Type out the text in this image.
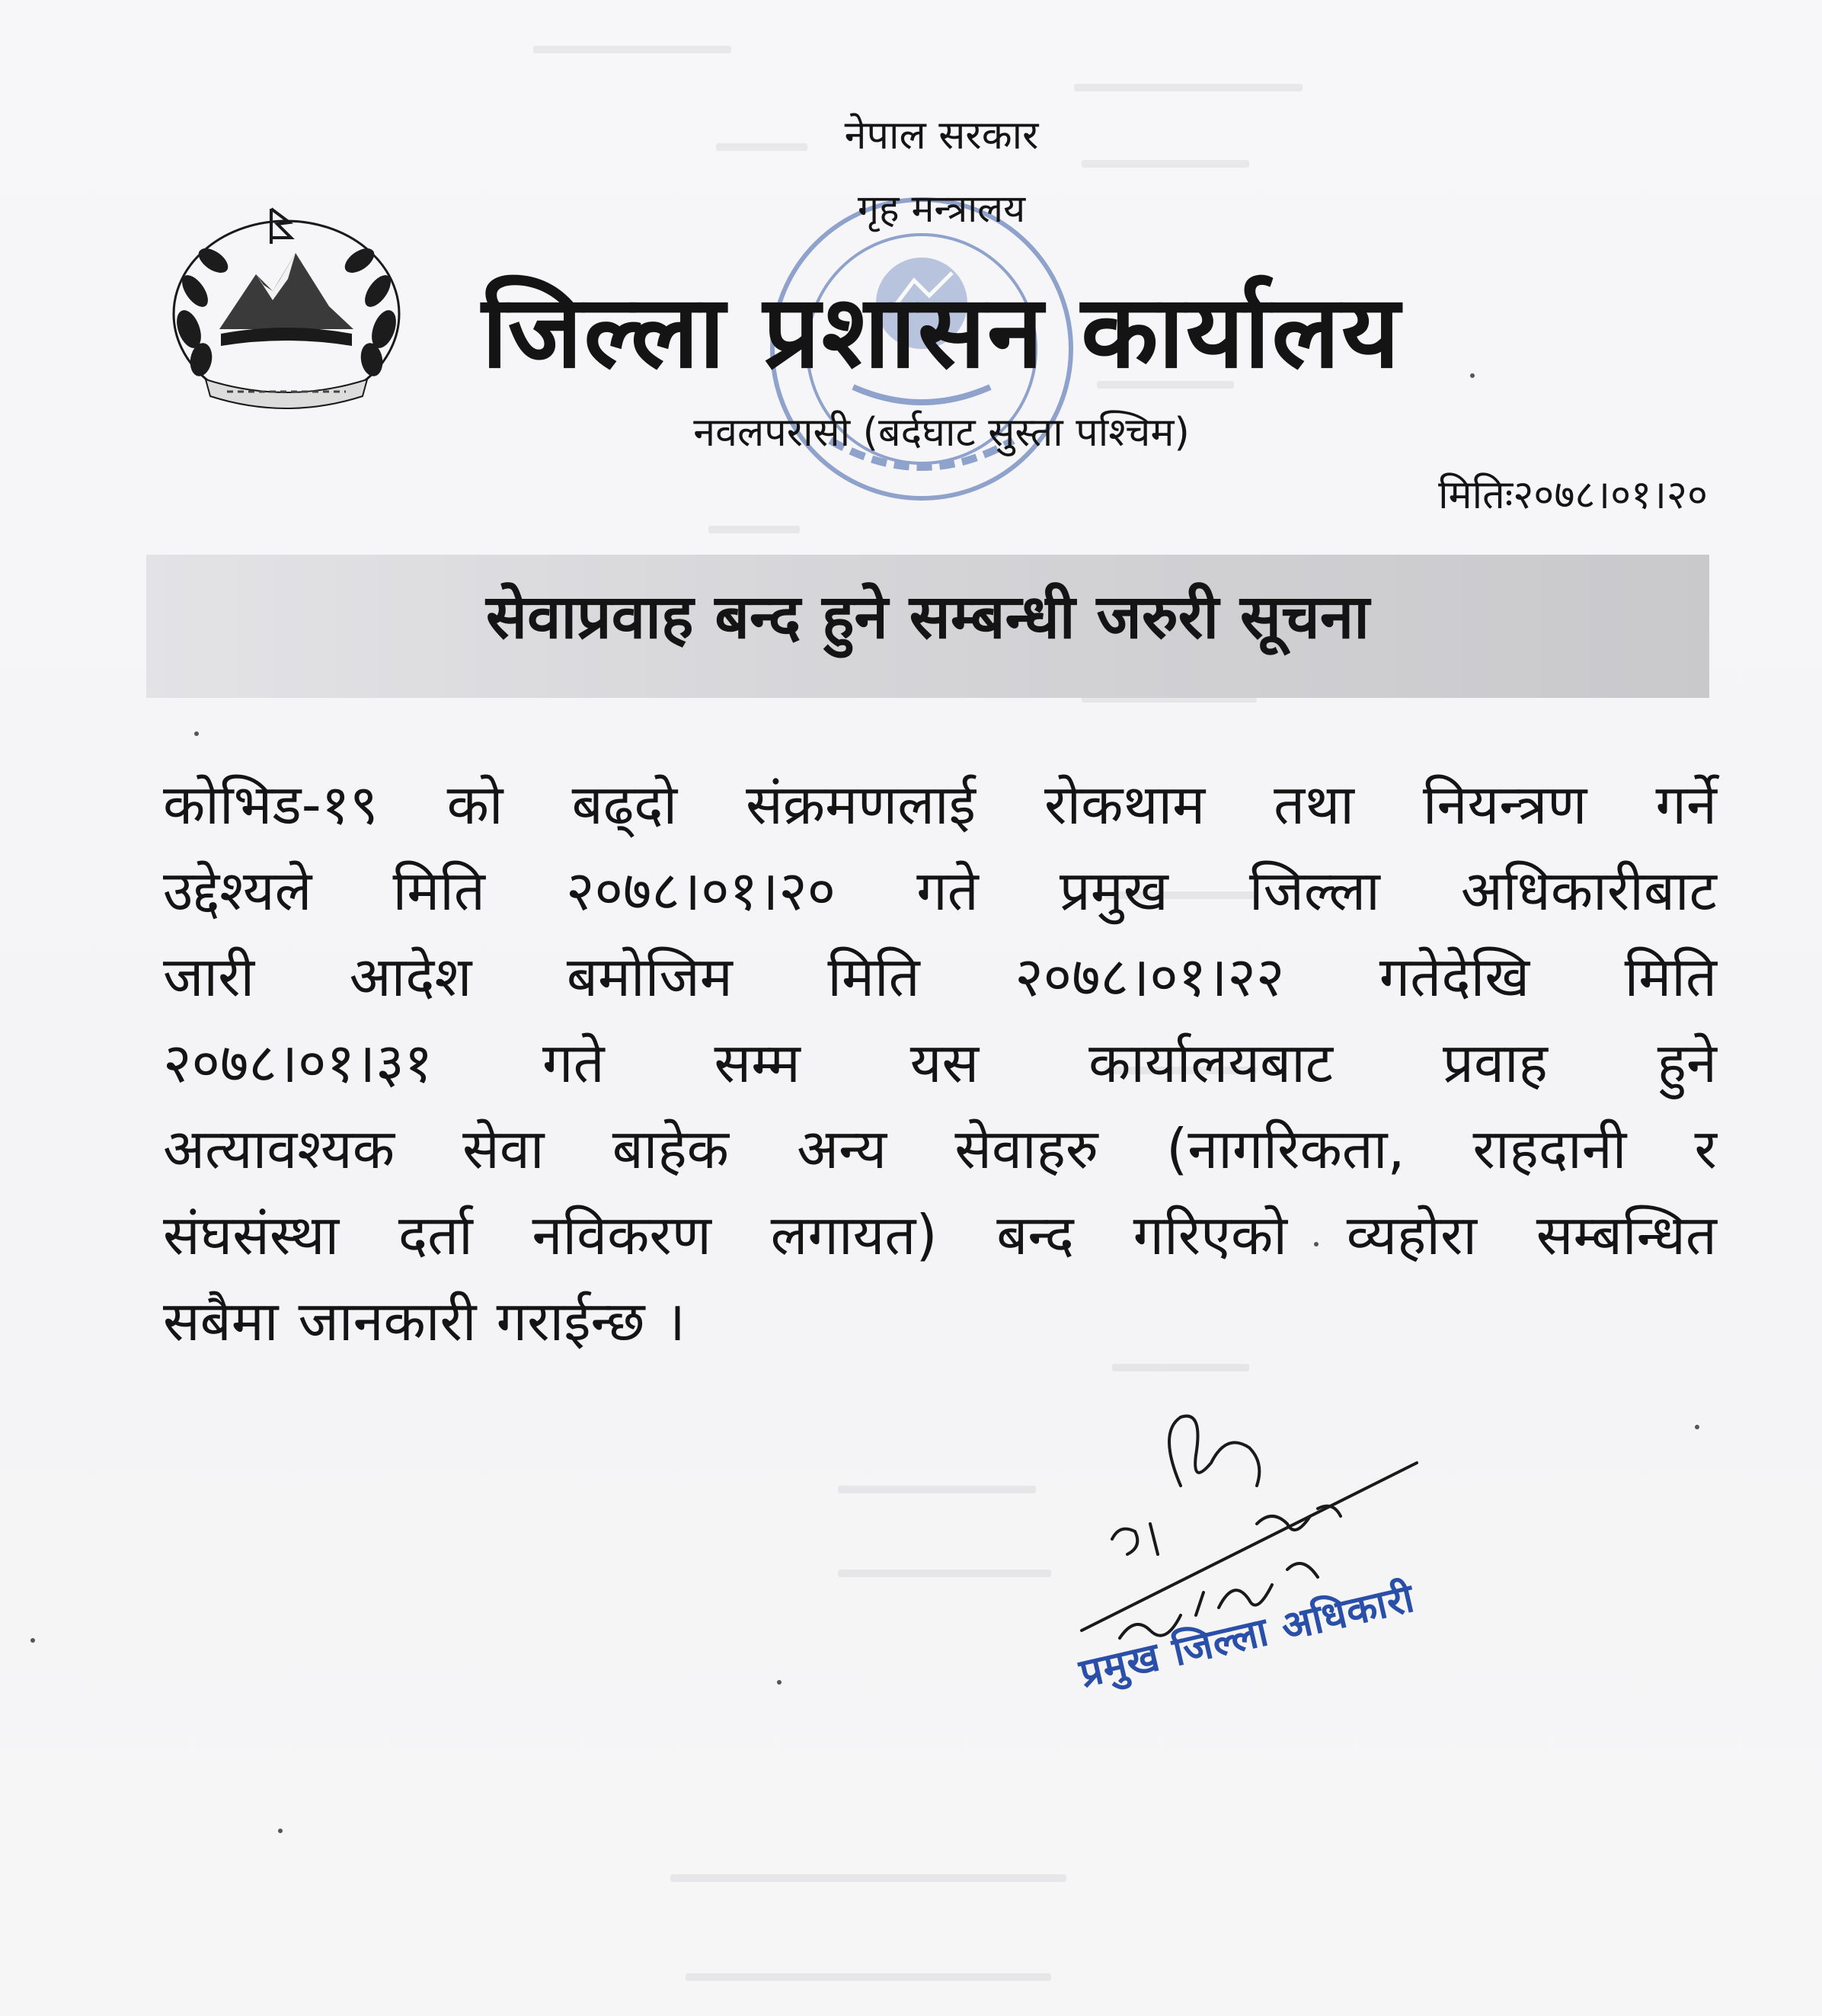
नेपाल सरकार
गृह मन्त्रालय
जिल्ला प्रशासन कार्यालय
नवलपरासी (बर्दघाट सुस्ता पश्चिम)
मितिः२०७८।०१।२०
सेवाप्रवाह बन्द हुने सम्बन्धी जरुरी सूचना
कोभिड-१९ को बढ्दो संक्रमणलाई रोकथाम तथा नियन्त्रण गर्ने
उद्देश्यले मिति २०७८।०१।२० गते प्रमुख जिल्ला अधिकारीबाट
जारी आदेश बमोजिम मिति २०७८।०१।२२ गतेदेखि मिति
२०७८।०१।३१ गते सम्म यस कार्यालयबाट प्रवाह हुने
अत्यावश्यक सेवा बाहेक अन्य सेवाहरु (नागरिकता, राहदानी र
संघसंस्था दर्ता नविकरण लगायत) बन्द गरिएको व्यहोरा सम्बन्धित
सबैमा जानकारी गराईन्छ ।
प्रमुख जिल्ला अधिकारी
